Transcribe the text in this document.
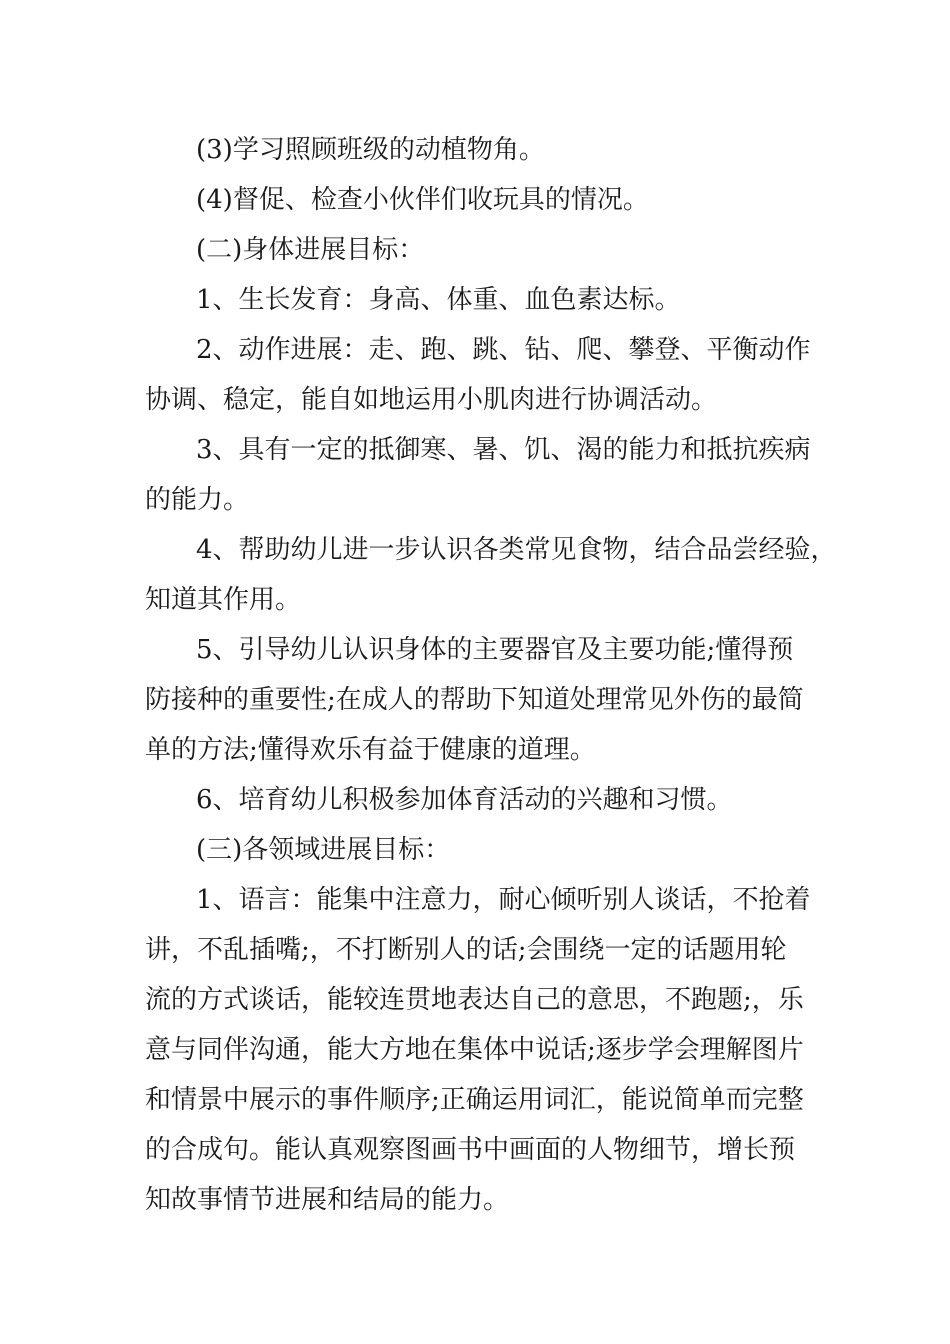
(3)学习照顾班级的动植物角。
(4)督促、检查小伙伴们收玩具的情况。
(二)身体进展目标：
1、生长发育：身高、体重、血色素达标。
2、动作进展：走、跑、跳、钻、爬、攀登、平衡动作
协调、稳定，能自如地运用小肌肉进行协调活动。
3、具有一定的抵御寒、暑、饥、渴的能力和抵抗疾病
的能力。
4、帮助幼儿进一步认识各类常见食物，结合品尝经验，
知道其作用。
5、引导幼儿认识身体的主要器官及主要功能;懂得预
防接种的重要性;在成人的帮助下知道处理常见外伤的最简
单的方法;懂得欢乐有益于健康的道理。
6、培育幼儿积极参加体育活动的兴趣和习惯。
(三)各领域进展目标：
1、语言：能集中注意力，耐心倾听别人谈话，不抢着
讲，不乱插嘴;，不打断别人的话;会围绕一定的话题用轮
流的方式谈话，能较连贯地表达自己的意思，不跑题;，乐
意与同伴沟通，能大方地在集体中说话;逐步学会理解图片
和情景中展示的事件顺序;正确运用词汇，能说简单而完整
的合成句。能认真观察图画书中画面的人物细节，增长预
知故事情节进展和结局的能力。
